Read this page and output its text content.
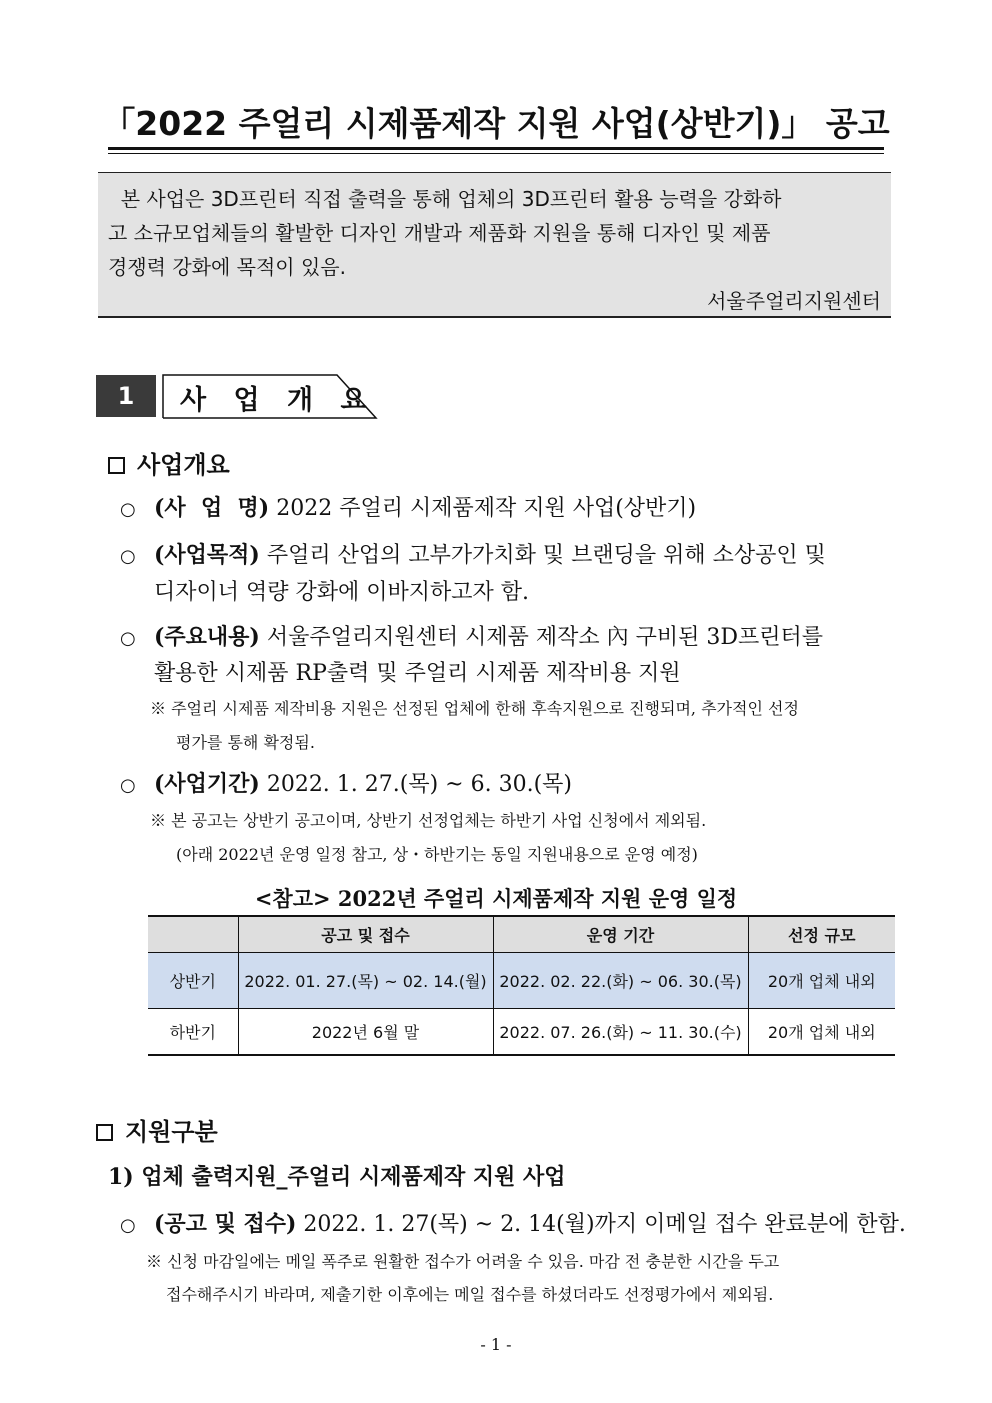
「2022 주얼리 시제품제작 지원 사업(상반기)」 공고
본 사업은 3D프린터 직접 출력을 통해 업체의 3D프린터 활용 능력을 강화하
고 소규모업체들의 활발한 디자인 개발과 제품화 지원을 통해 디자인 및 제품
경쟁력 강화에 목적이 있음.
서울주얼리지원센터
1	사 업 개 요
사업개요
○ (사  업  명) 2022 주얼리 시제품제작 지원 사업(상반기)
○ (사업목적) 주얼리 산업의 고부가가치화 및 브랜딩을 위해 소상공인 및
디자이너 역량 강화에 이바지하고자 함.
○ (주요내용) 서울주얼리지원센터 시제품 제작소 內 구비된 3D프린터를
활용한 시제품 RP출력 및 주얼리 시제품 제작비용 지원
※ 주얼리 시제품 제작비용 지원은 선정된 업체에 한해 후속지원으로 진행되며, 추가적인 선정
평가를 통해 확정됨.
○ (사업기간) 2022. 1. 27.(목) ~ 6. 30.(목)
※ 본 공고는 상반기 공고이며, 상반기 선정업체는 하반기 사업 신청에서 제외됨.
(아래 2022년 운영 일정 참고, 상・하반기는 동일 지원내용으로 운영 예정)
<참고> 2022년 주얼리 시제품제작 지원 운영 일정
	공고 및 접수	운영 기간	선정 규모
상반기	2022. 01. 27.(목) ~ 02. 14.(월)	2022. 02. 22.(화) ~ 06. 30.(목)	20개 업체 내외
하반기	2022년 6월 말	2022. 07. 26.(화) ~ 11. 30.(수)	20개 업체 내외
지원구분
1) 업체 출력지원_주얼리 시제품제작 지원 사업
○ (공고 및 접수) 2022. 1. 27(목) ~ 2. 14(월)까지 이메일 접수 완료분에 한함.
※ 신청 마감일에는 메일 폭주로 원활한 접수가 어려울 수 있음. 마감 전 충분한 시간을 두고
접수해주시기 바라며, 제출기한 이후에는 메일 접수를 하셨더라도 선정평가에서 제외됨.
- 1 -
